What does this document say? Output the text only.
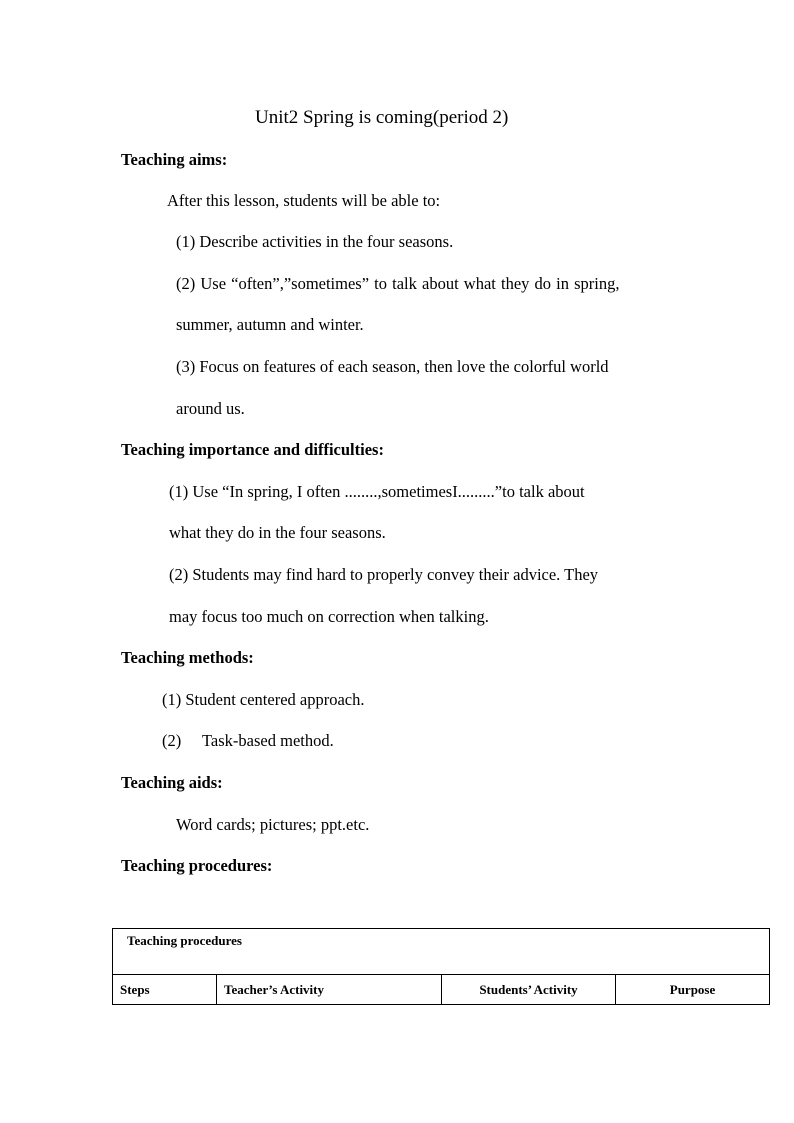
Unit2 Spring is coming(period 2)
Teaching aims:
After this lesson, students will be able to:
(1) Describe activities in the four seasons.
(2) Use “often”,”sometimes” to talk about what they do in spring,
summer, autumn and winter.
(3) Focus on features of each season, then love the colorful world
around us.
Teaching importance and difficulties:
(1) Use “In spring, I often ........,sometimesI.........”to talk about
what they do in the four seasons.
(2) Students may find hard to properly convey their advice. They
may focus too much on correction when talking.
Teaching methods:
(1) Student centered approach.
(2) Task-based method.
Teaching aids:
Word cards; pictures; ppt.etc.
Teaching procedures:
Teaching procedures
Steps	Teacher’s Activity	Students’ Activity	Purpose
